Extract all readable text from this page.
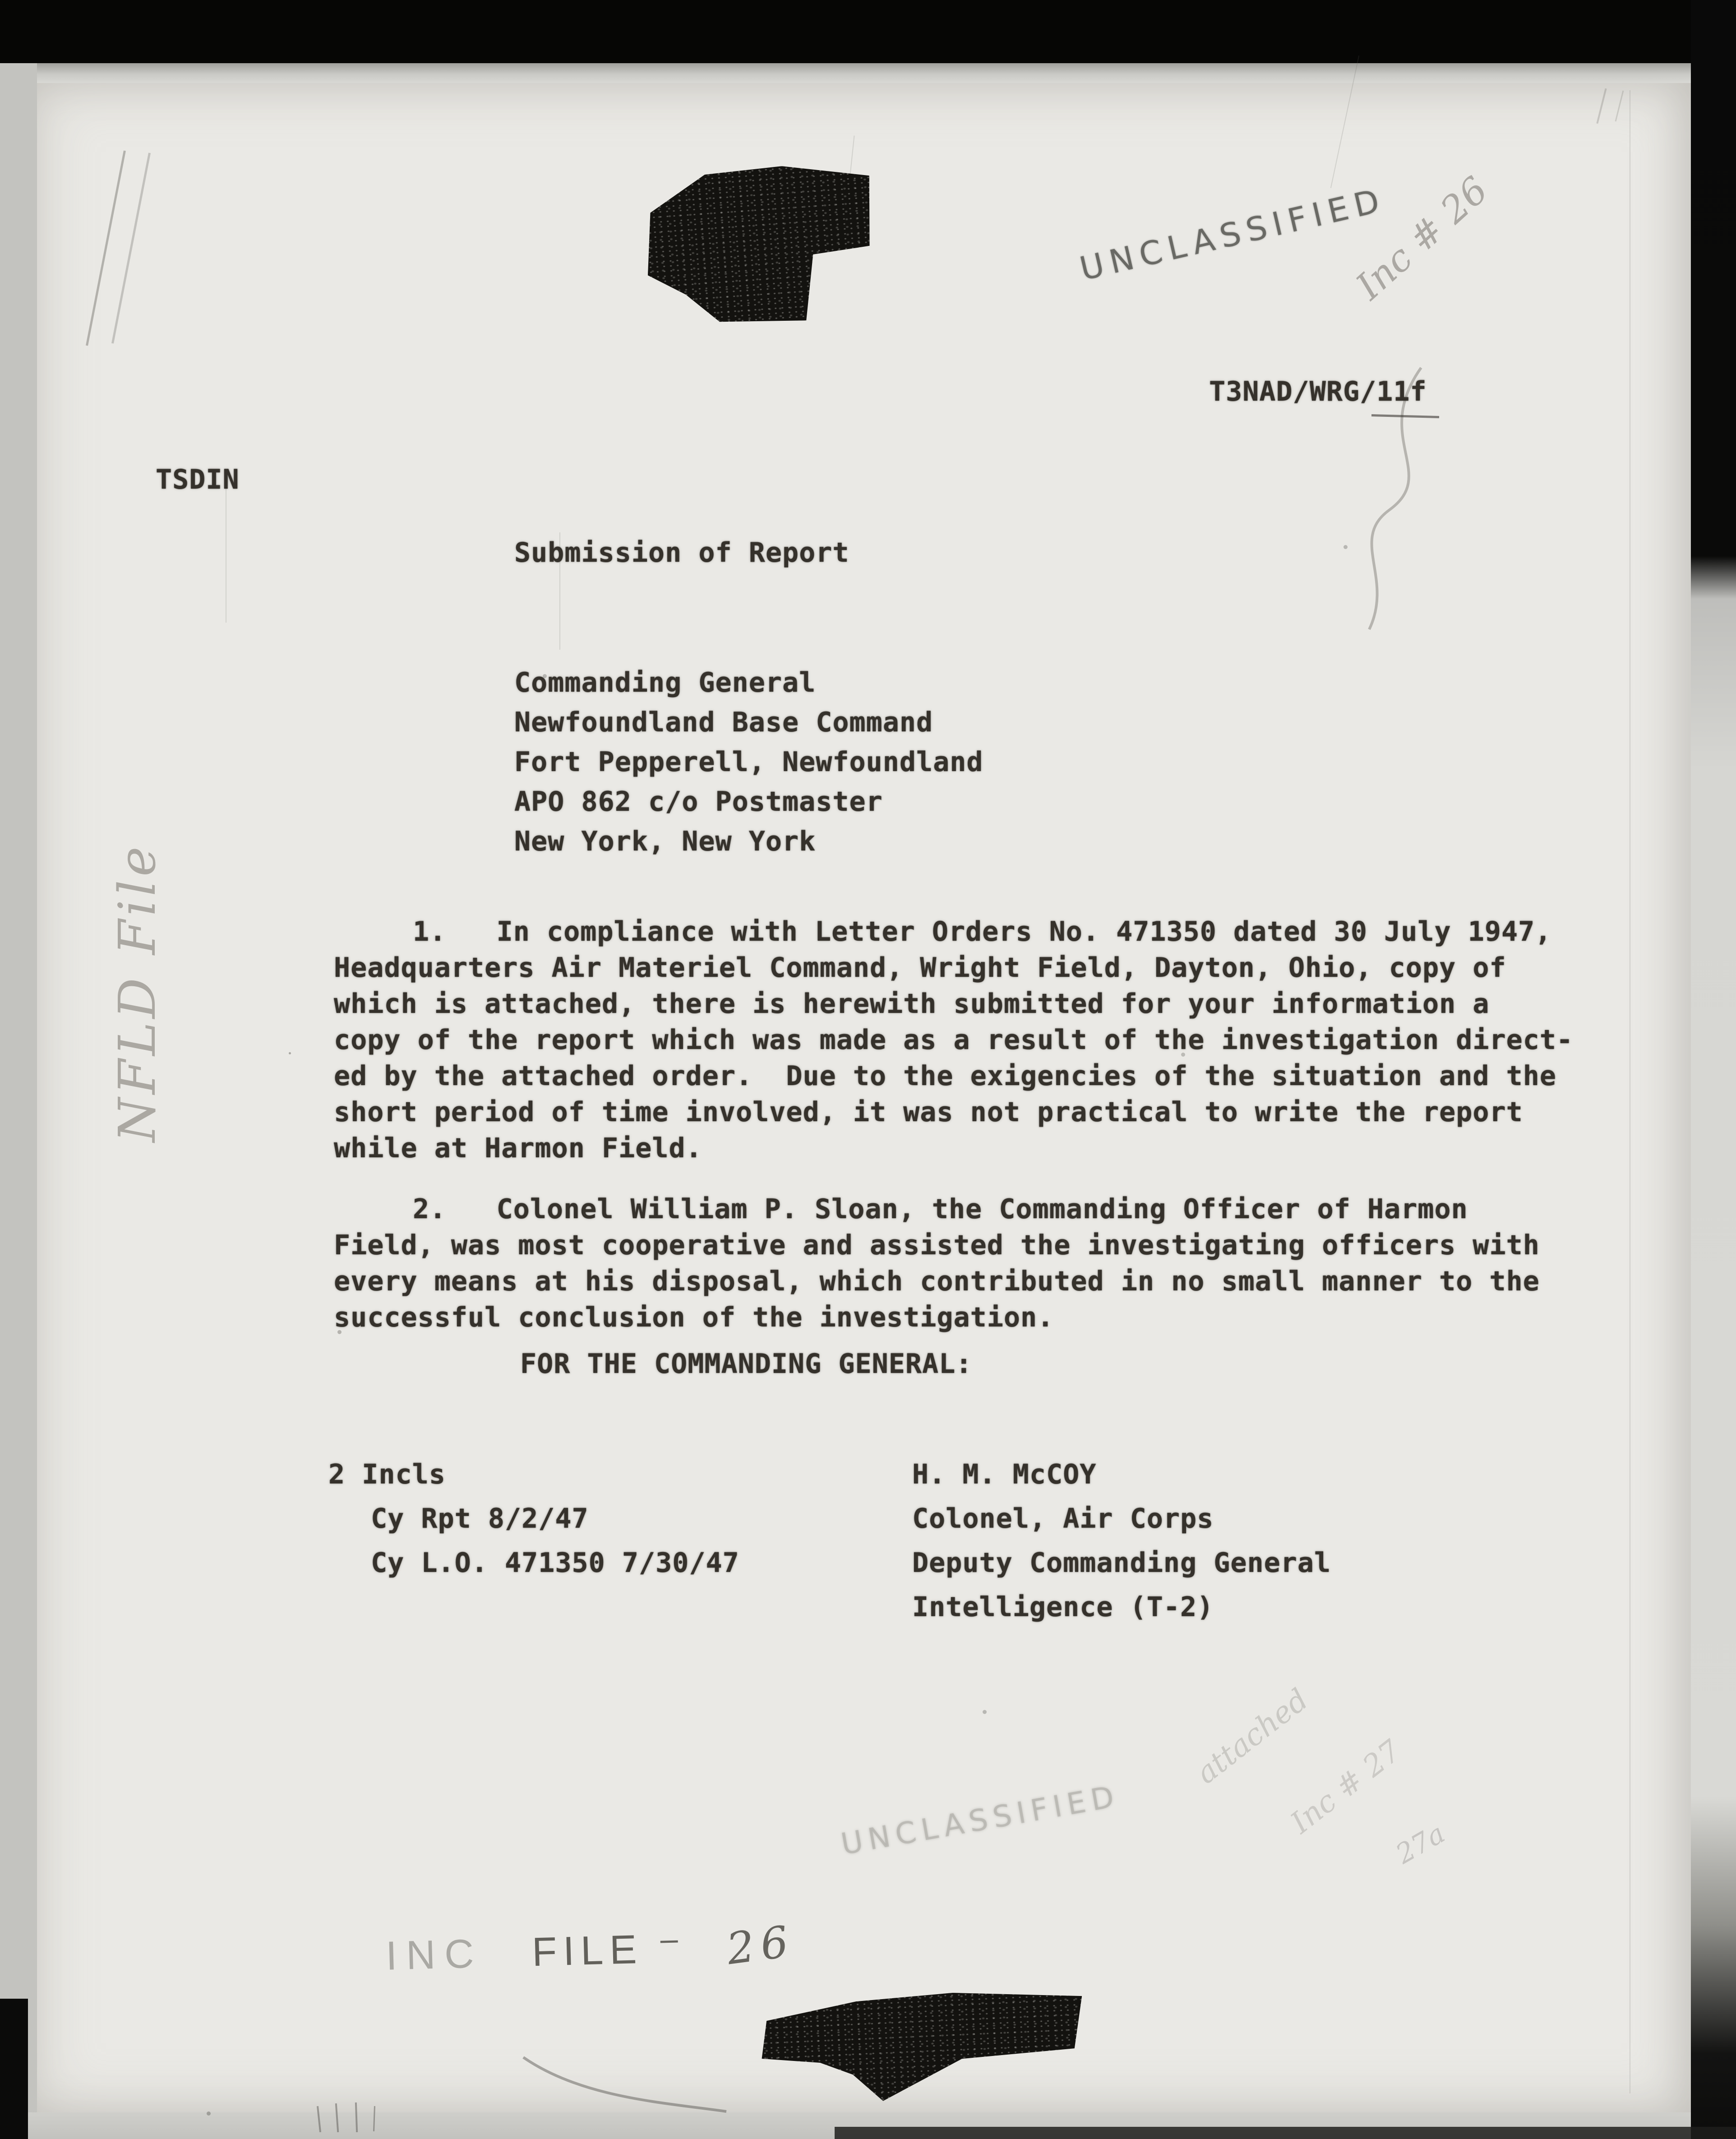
UNCLASSIFIED
Inc # 26
T3NAD/WRG/11f
TSDIN
Submission of Report
Commanding General
Newfoundland Base Command
Fort Pepperell, Newfoundland
APO 862 c/o Postmaster
New York, New York
NFLD File	1.   In compliance with Letter Orders No. 471350 dated 30 July 1947,
Headquarters Air Materiel Command, Wright Field, Dayton, Ohio, copy of
which is attached, there is herewith submitted for your information a
copy of the report which was made as a result of the investigation direct-
ed by the attached order.  Due to the exigencies of the situation and the
short period of time involved, it was not practical to write the report
while at Harmon Field.
2.   Colonel William P. Sloan, the Commanding Officer of Harmon
Field, was most cooperative and assisted the investigating officers with
every means at his disposal, which contributed in no small manner to the
successful conclusion of the investigation.
FOR THE COMMANDING GENERAL:
2 Incls
Cy Rpt 8/2/47
Cy L.O. 471350 7/30/47
H. M. McCOY
Colonel, Air Corps
Deputy Commanding General
Intelligence (T-2)
UNCLASSIFIED
attached
Inc # 27
27a
INC FILE – 26
